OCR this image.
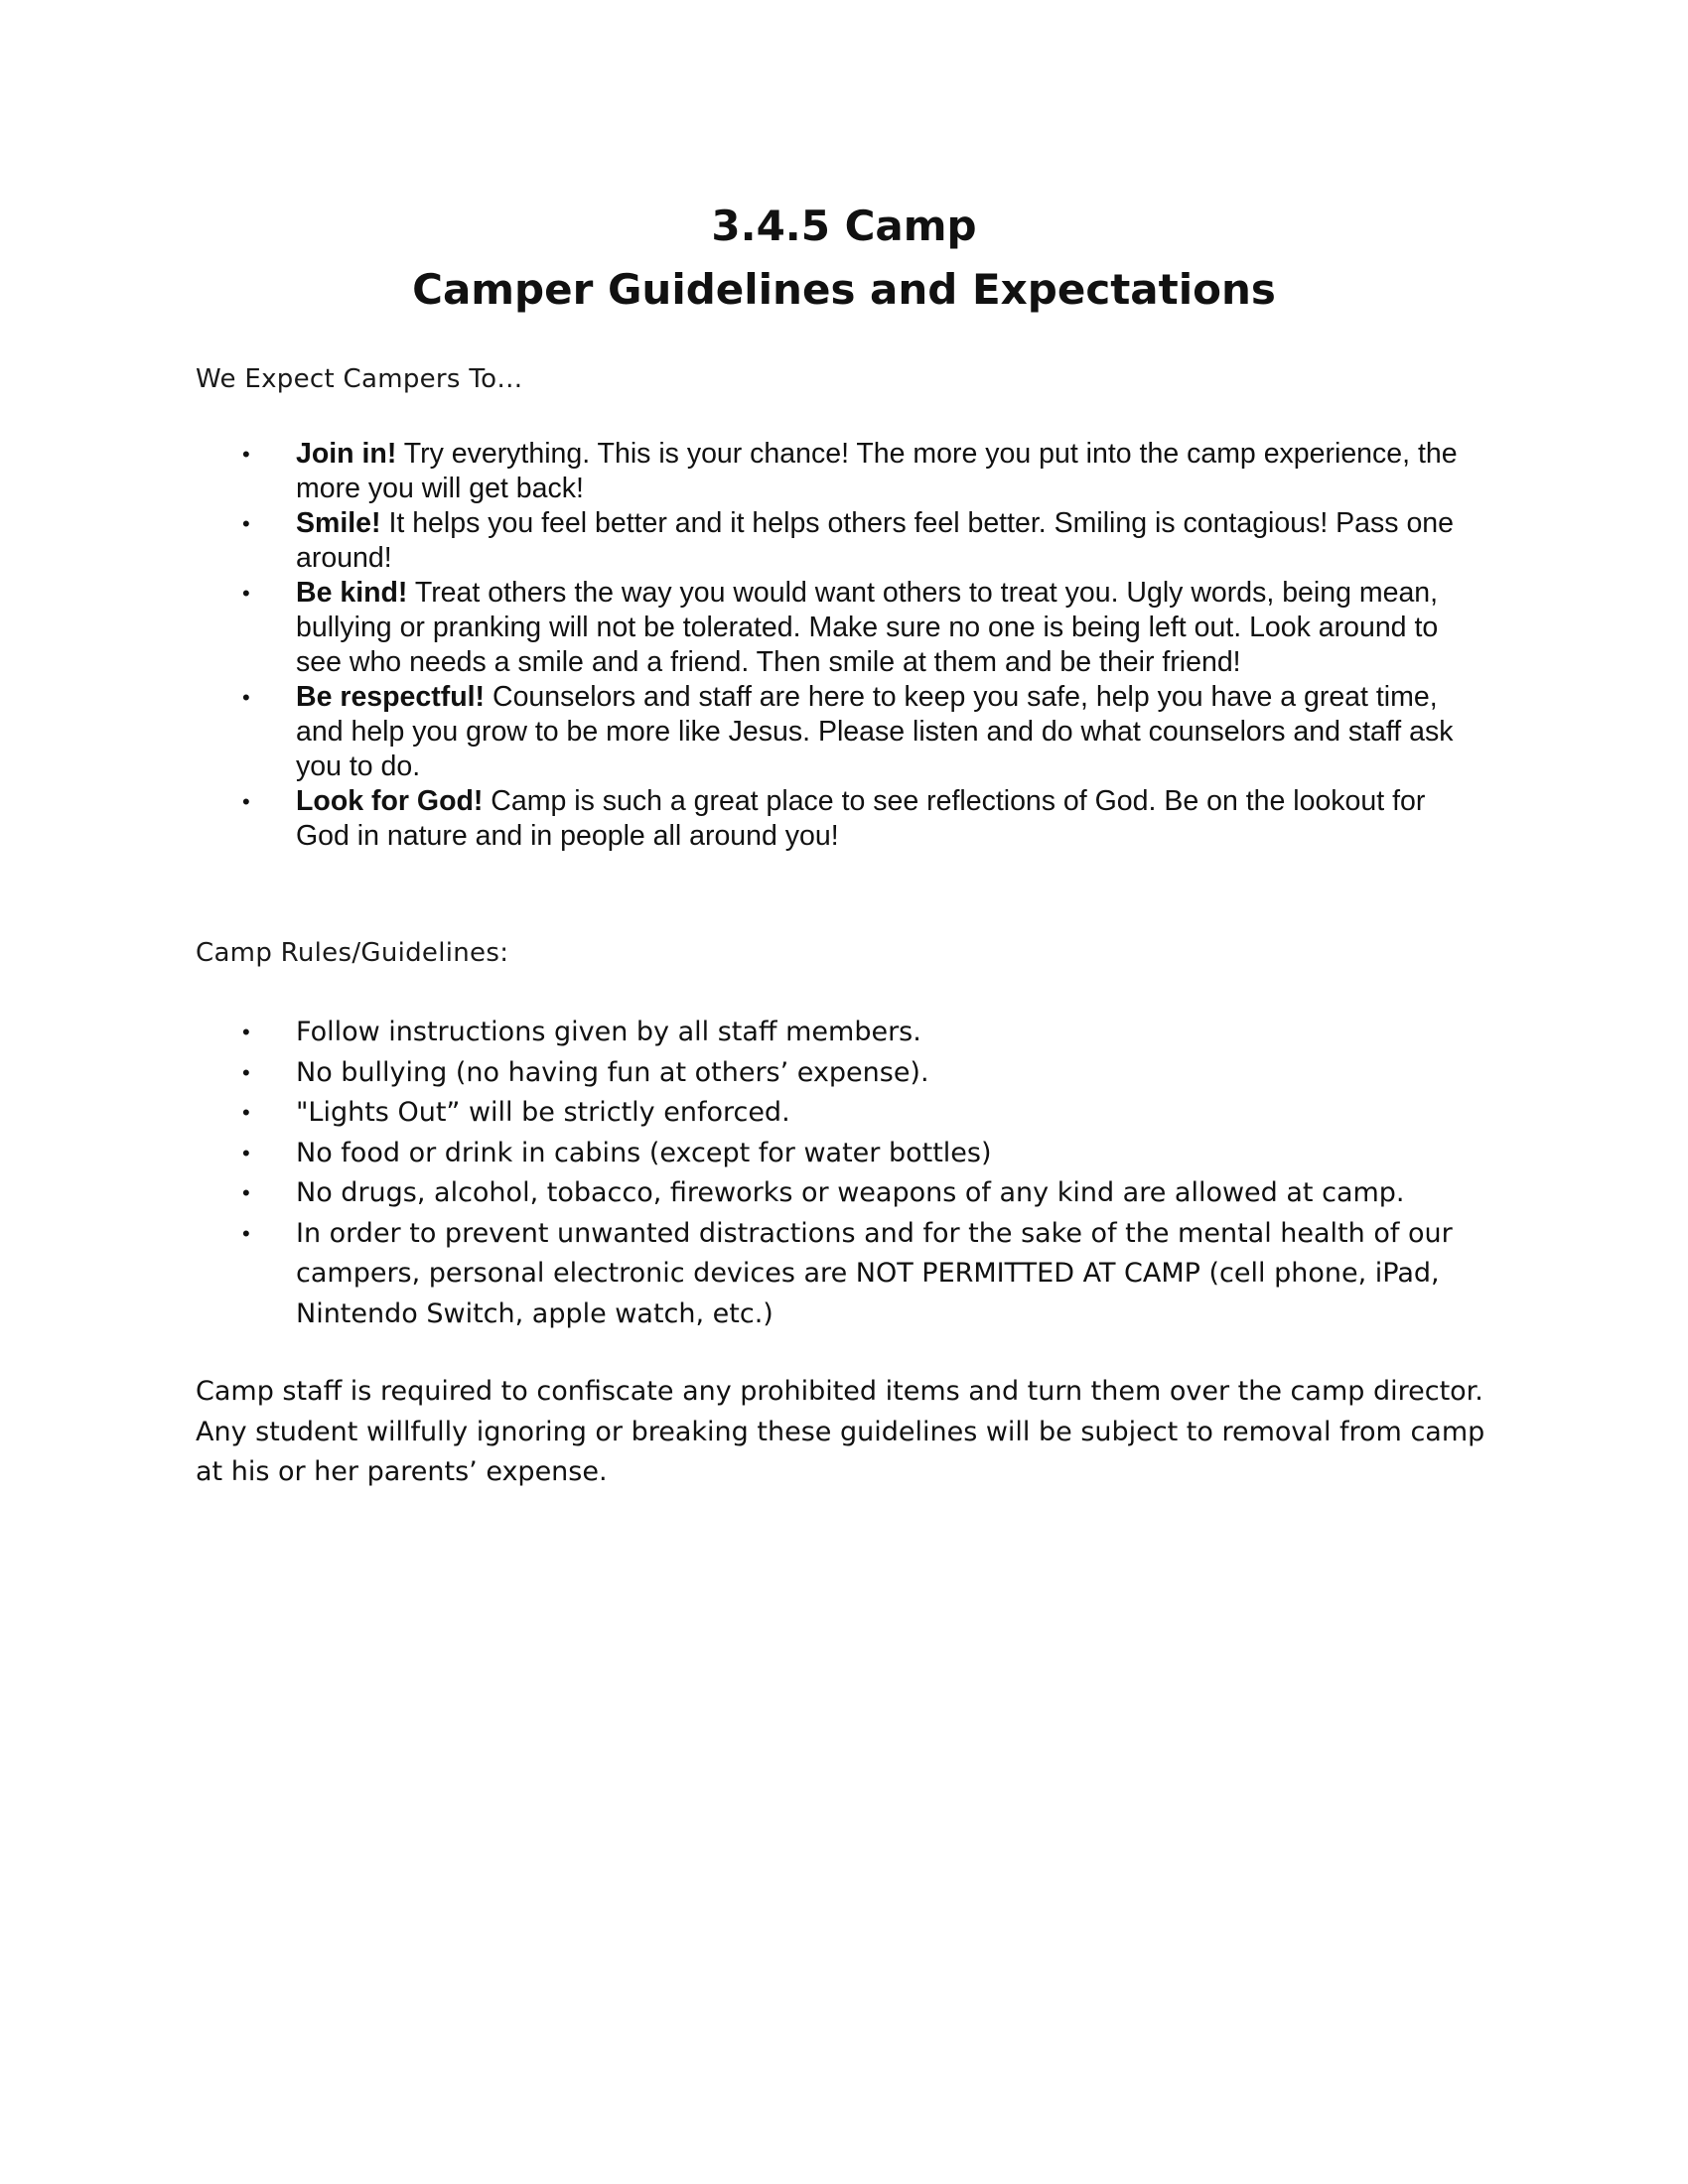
3.4.5 Camp
Camper Guidelines and Expectations
We Expect Campers To…
• Join in! Try everything. This is your chance! The more you put into the camp experience, the more you will get back!
• Smile! It helps you feel better and it helps others feel better. Smiling is contagious! Pass one around!
• Be kind! Treat others the way you would want others to treat you. Ugly words, being mean, bullying or pranking will not be tolerated. Make sure no one is being left out. Look around to see who needs a smile and a friend. Then smile at them and be their friend!
• Be respectful! Counselors and staff are here to keep you safe, help you have a great time, and help you grow to be more like Jesus. Please listen and do what counselors and staff ask you to do.
• Look for God! Camp is such a great place to see reflections of God. Be on the lookout for God in nature and in people all around you!
Camp Rules/Guidelines:
• Follow instructions given by all staff members.
• No bullying (no having fun at others’ expense).
• "Lights Out” will be strictly enforced.
• No food or drink in cabins (except for water bottles)
• No drugs, alcohol, tobacco, fireworks or weapons of any kind are allowed at camp.
• In order to prevent unwanted distractions and for the sake of the mental health of our campers, personal electronic devices are NOT PERMITTED AT CAMP (cell phone, iPad, Nintendo Switch, apple watch, etc.)
Camp staff is required to confiscate any prohibited items and turn them over the camp director. Any student willfully ignoring or breaking these guidelines will be subject to removal from camp at his or her parents’ expense.
